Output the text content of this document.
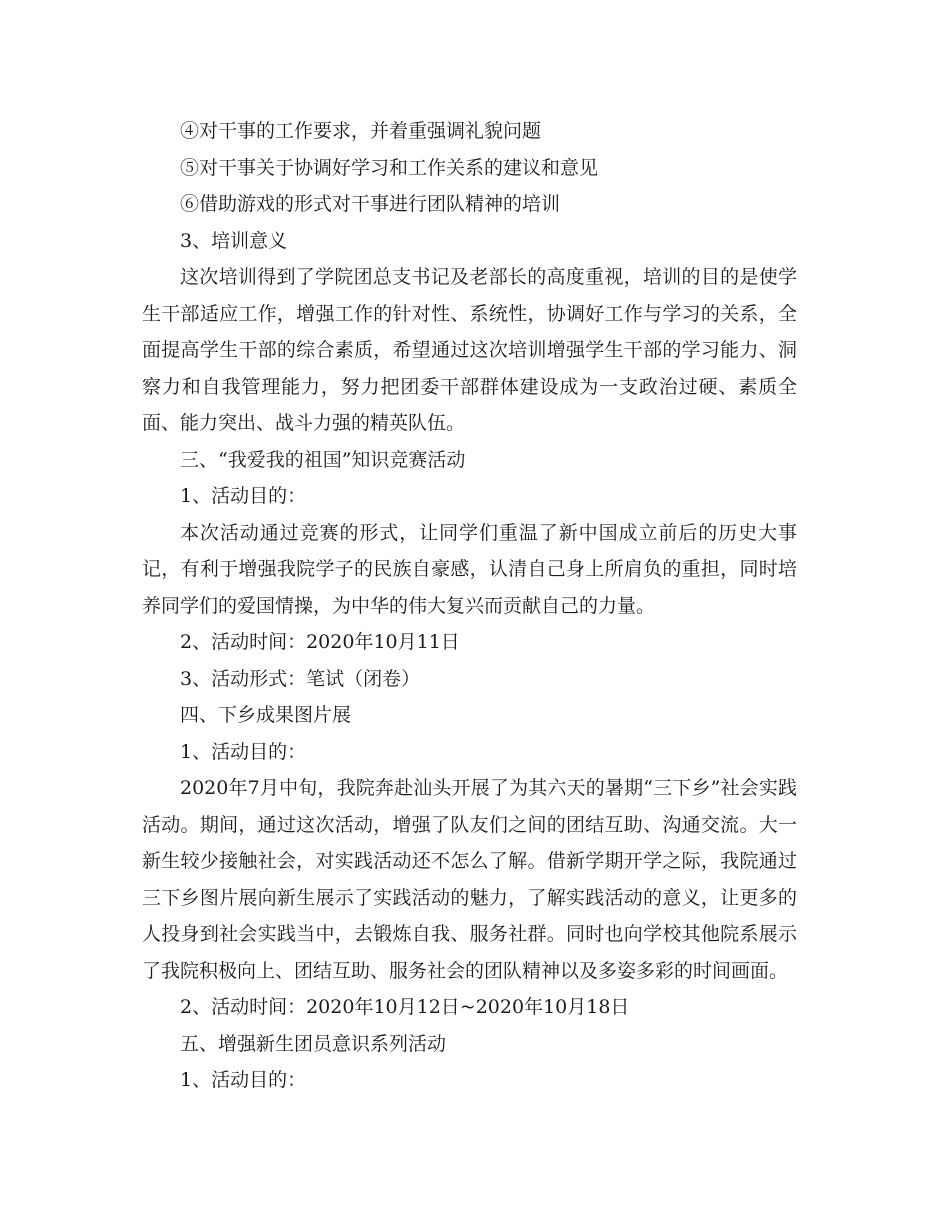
④对干事的工作要求，并着重强调礼貌问题

⑤对干事关于协调好学习和工作关系的建议和意见

⑥借助游戏的形式对干事进行团队精神的培训

3、培训意义

这次培训得到了学院团总支书记及老部长的高度重视，培训的目的是使学生干部适应工作，增强工作的针对性、系统性，协调好工作与学习的关系，全面提高学生干部的综合素质，希望通过这次培训增强学生干部的学习能力、洞察力和自我管理能力，努力把团委干部群体建设成为一支政治过硬、素质全面、能力突出、战斗力强的精英队伍。

三、“我爱我的祖国”知识竞赛活动

1、活动目的：

本次活动通过竞赛的形式，让同学们重温了新中国成立前后的历史大事记，有利于增强我院学子的民族自豪感，认清自己身上所肩负的重担，同时培养同学们的爱国情操，为中华的伟大复兴而贡献自己的力量。

2、活动时间：2020年10月11日

3、活动形式：笔试（闭卷）

四、下乡成果图片展

1、活动目的：

2020年7月中旬，我院奔赴汕头开展了为其六天的暑期“三下乡”社会实践活动。期间，通过这次活动，增强了队友们之间的团结互助、沟通交流。大一新生较少接触社会，对实践活动还不怎么了解。借新学期开学之际，我院通过三下乡图片展向新生展示了实践活动的魅力，了解实践活动的意义，让更多的人投身到社会实践当中，去锻炼自我、服务社群。同时也向学校其他院系展示了我院积极向上、团结互助、服务社会的团队精神以及多姿多彩的时间画面。

2、活动时间：2020年10月12日~2020年10月18日

五、增强新生团员意识系列活动

1、活动目的：
